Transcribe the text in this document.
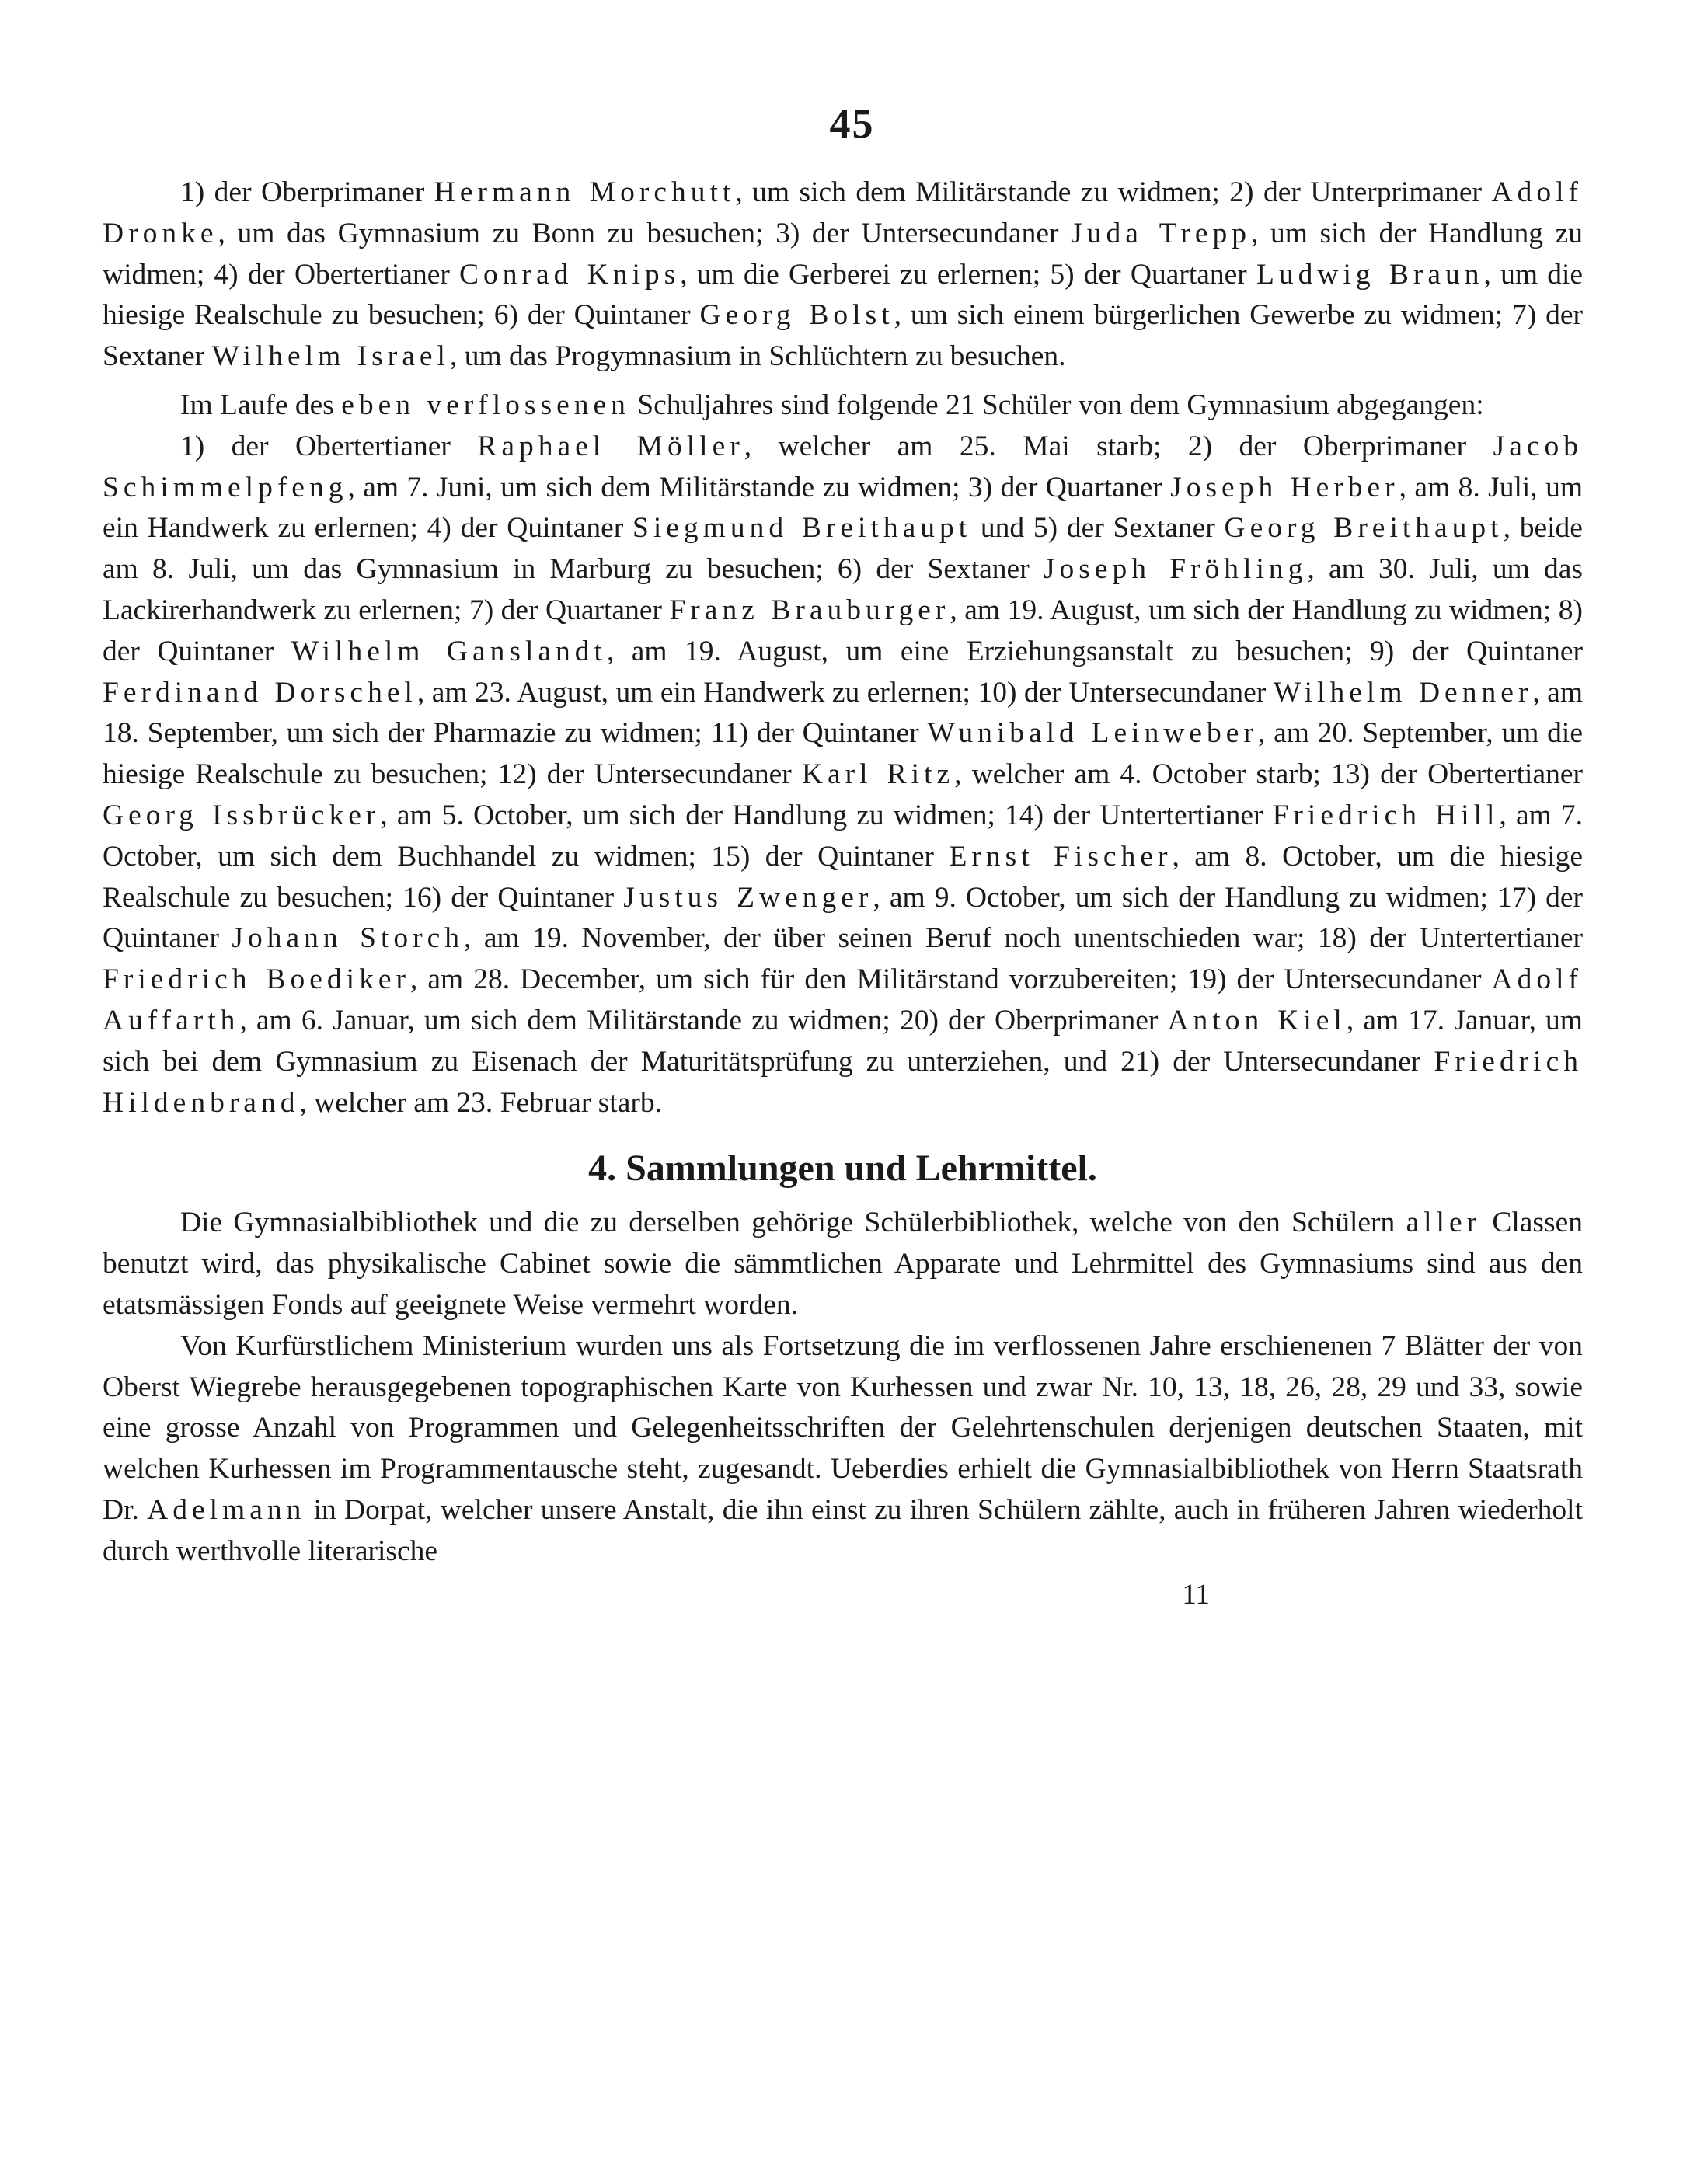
45

1) der Oberprimaner Hermann Morchutt, um sich dem Militärstande zu widmen; 2) der Unterprimaner Adolf Dronke, um das Gymnasium zu Bonn zu besuchen; 3) der Untersecundaner Juda Trepp, um sich der Handlung zu widmen; 4) der Obertertianer Conrad Knips, um die Gerberei zu erlernen; 5) der Quartaner Ludwig Braun, um die hiesige Realschule zu besuchen; 6) der Quintaner Georg Bolst, um sich einem bürgerlichen Gewerbe zu widmen; 7) der Sextaner Wilhelm Israel, um das Progymnasium in Schlüchtern zu besuchen.

Im Laufe des eben verflossenen Schuljahres sind folgende 21 Schüler von dem Gymnasium abgegangen:

1) der Obertertianer Raphael Möller, welcher am 25. Mai starb; 2) der Oberprimaner Jacob Schimmelpfeng, am 7. Juni, um sich dem Militärstande zu widmen; 3) der Quartaner Joseph Herber, am 8. Juli, um ein Handwerk zu erlernen; 4) der Quintaner Siegmund Breithaupt und 5) der Sextaner Georg Breithaupt, beide am 8. Juli, um das Gymnasium in Marburg zu besuchen; 6) der Sextaner Joseph Fröhling, am 30. Juli, um das Lackirerhandwerk zu erlernen; 7) der Quartaner Franz Brauburger, am 19. August, um sich der Handlung zu widmen; 8) der Quintaner Wilhelm Ganslandt, am 19. August, um eine Erziehungsanstalt zu besuchen; 9) der Quintaner Ferdinand Dorschel, am 23. August, um ein Handwerk zu erlernen; 10) der Untersecundaner Wilhelm Denner, am 18. September, um sich der Pharmazie zu widmen; 11) der Quintaner Wunibald Leinweber, am 20. September, um die hiesige Realschule zu besuchen; 12) der Untersecundaner Karl Ritz, welcher am 4. October starb; 13) der Obertertianer Georg Issbrücker, am 5. October, um sich der Handlung zu widmen; 14) der Untertertianer Friedrich Hill, am 7. October, um sich dem Buchhandel zu widmen; 15) der Quintaner Ernst Fischer, am 8. October, um die hiesige Realschule zu besuchen; 16) der Quintaner Justus Zwenger, am 9. October, um sich der Handlung zu widmen; 17) der Quintaner Johann Storch, am 19. November, der über seinen Beruf noch unentschieden war; 18) der Untertertianer Friedrich Boediker, am 28. December, um sich für den Militärstand vorzubereiten; 19) der Untersecundaner Adolf Auffarth, am 6. Januar, um sich dem Militärstande zu widmen; 20) der Oberprimaner Anton Kiel, am 17. Januar, um sich bei dem Gymnasium zu Eisenach der Maturitätsprüfung zu unterziehen, und 21) der Untersecundaner Friedrich Hildenbrand, welcher am 23. Februar starb.

4. Sammlungen und Lehrmittel.

Die Gymnasialbibliothek und die zu derselben gehörige Schülerbibliothek, welche von den Schülern aller Classen benutzt wird, das physikalische Cabinet sowie die sämmtlichen Apparate und Lehrmittel des Gymnasiums sind aus den etatsmässigen Fonds auf geeignete Weise vermehrt worden.

Von Kurfürstlichem Ministerium wurden uns als Fortsetzung die im verflossenen Jahre erschienenen 7 Blätter der von Oberst Wiegrebe herausgegebenen topographischen Karte von Kurhessen und zwar Nr. 10, 13, 18, 26, 28, 29 und 33, sowie eine grosse Anzahl von Programmen und Gelegenheitsschriften der Gelehrtenschulen derjenigen deutschen Staaten, mit welchen Kurhessen im Programmentausche steht, zugesandt. Ueberdies erhielt die Gymnasialbibliothek von Herrn Staatsrath Dr. Adelmann in Dorpat, welcher unsere Anstalt, die ihn einst zu ihren Schülern zählte, auch in früheren Jahren wiederholt durch werthvolle literarische

11
